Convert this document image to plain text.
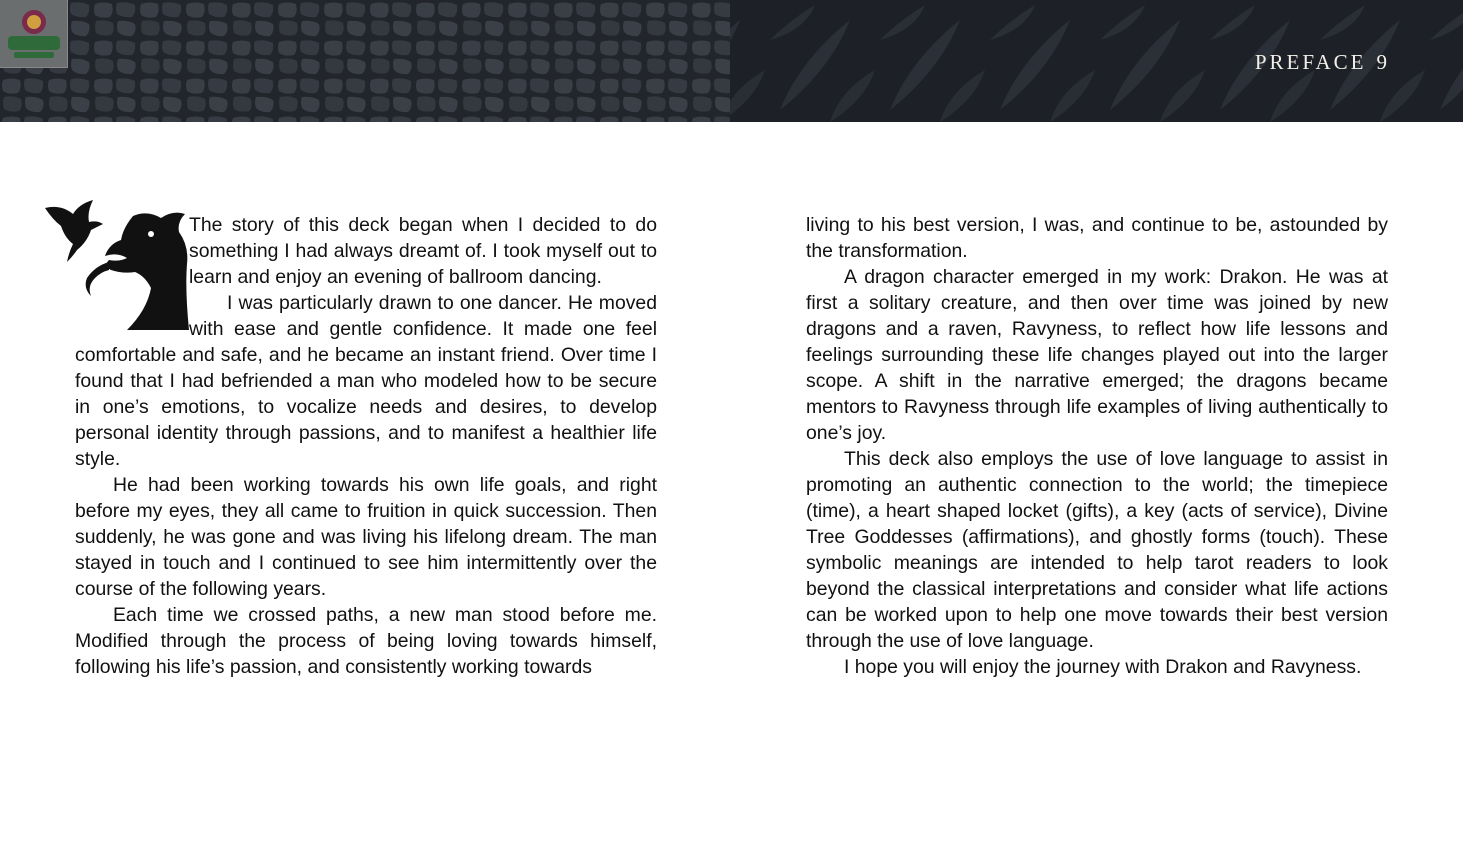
PREFACE 9

The story of this deck began when I decided to do something I had always dreamt of. I took myself out to learn and enjoy an evening of ballroom dancing.

I was particularly drawn to one dancer. He moved with ease and gentle confidence. It made one feel comfortable and safe, and he became an instant friend. Over time I found that I had befriended a man who modeled how to be secure in one’s emotions, to vocalize needs and desires, to develop personal identity through passions, and to manifest a healthier life style.

He had been working towards his own life goals, and right before my eyes, they all came to fruition in quick succession. Then suddenly, he was gone and was living his lifelong dream. The man stayed in touch and I continued to see him intermittently over the course of the following years.

Each time we crossed paths, a new man stood before me. Modified through the process of being loving towards himself, following his life’s passion, and consistently working towards

living to his best version, I was, and continue to be, astounded by the transformation.

A dragon character emerged in my work: Drakon. He was at first a solitary creature, and then over time was joined by new dragons and a raven, Ravyness, to reflect how life lessons and feelings surrounding these life changes played out into the larger scope. A shift in the narrative emerged; the dragons became mentors to Ravyness through life examples of living authentically to one’s joy.

This deck also employs the use of love language to assist in promoting an authentic connection to the world; the timepiece (time), a heart shaped locket (gifts), a key (acts of service), Divine Tree Goddesses (affirmations), and ghostly forms (touch). These symbolic meanings are intended to help tarot readers to look beyond the classical interpretations and consider what life actions can be worked upon to help one move towards their best version through the use of love language.

I hope you will enjoy the journey with Drakon and Ravyness.
